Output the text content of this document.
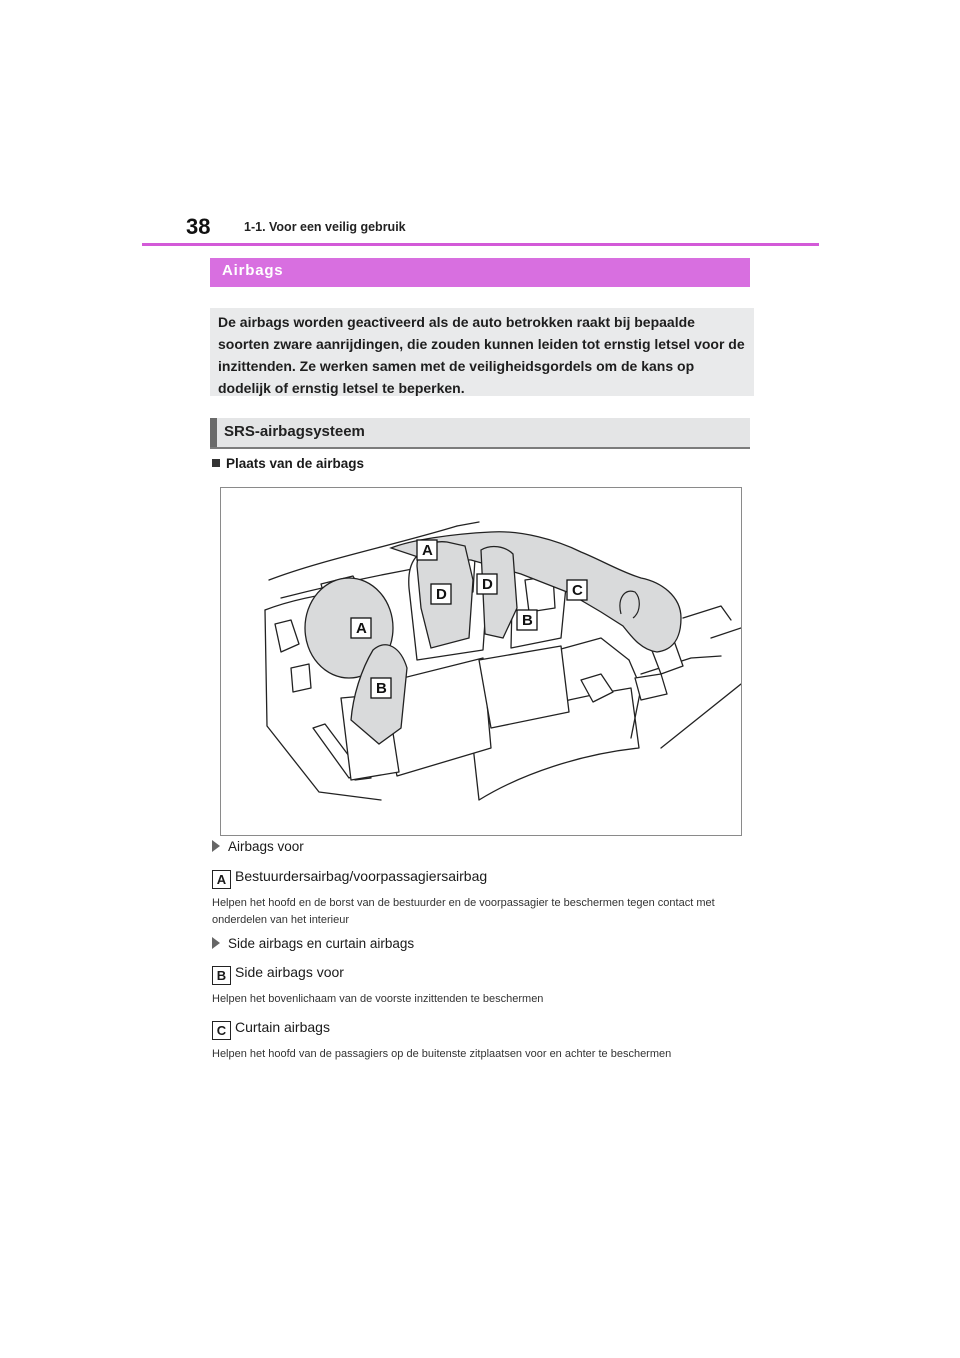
38	1-1. Voor een veilig gebruik
Airbags

De airbags worden geactiveerd als de auto betrokken raakt bij bepaalde soorten zware aanrijdingen, die zouden kunnen leiden tot ernstig letsel voor de inzittenden. Ze werken samen met de veiligheidsgordels om de kans op dodelijk of ernstig letsel te beperken.

SRS-airbagsysteem
Plaats van de airbags
A
A
B
B
C
D
D
Airbags voor
A Bestuurdersairbag/voorpassagiersairbag
Helpen het hoofd en de borst van de bestuurder en de voorpassagier te beschermen tegen contact met onderdelen van het interieur
Side airbags en curtain airbags
B Side airbags voor
Helpen het bovenlichaam van de voorste inzittenden te beschermen
C Curtain airbags
Helpen het hoofd van de passagiers op de buitenste zitplaatsen voor en achter te beschermen
